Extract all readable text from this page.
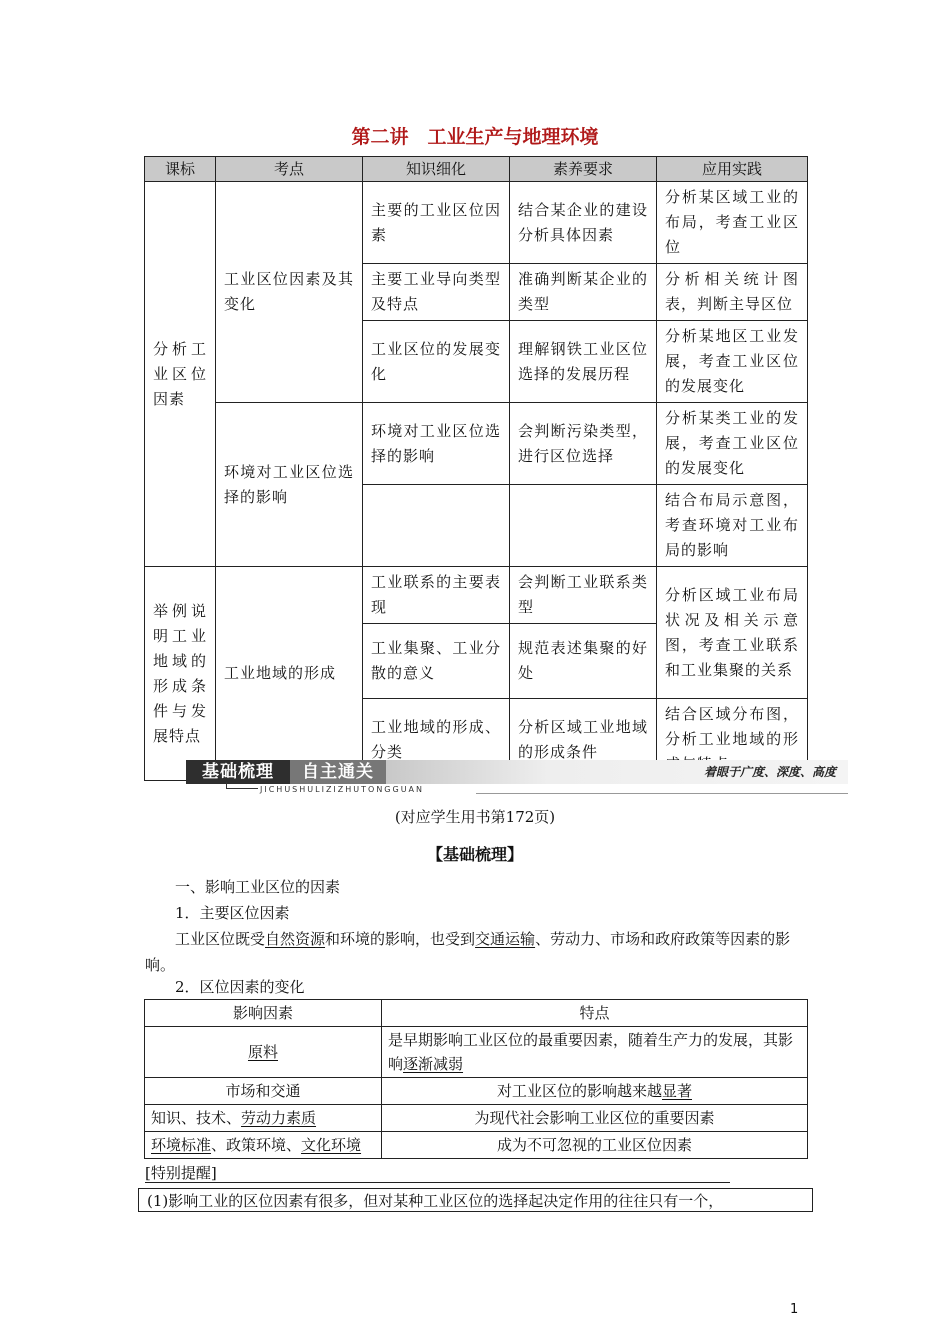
第二讲　工业生产与地理环境
课标	考点	知识细化	素养要求	应用实践
分析工业区位因素	工业区位因素及其变化	主要的工业区位因素	结合某企业的建设分析具体因素	分析某区域工业的布局，考查工业区位
		主要工业导向类型及特点	准确判断某企业的类型	分析相关统计图表，判断主导区位
		工业区位的发展变化	理解钢铁工业区位选择的发展历程	分析某地区工业发展，考查工业区位的发展变化
	环境对工业区位选择的影响	环境对工业区位选择的影响	会判断污染类型，进行区位选择	分析某类工业的发展，考查工业区位的发展变化
				结合布局示意图，考查环境对工业布局的影响
举例说明工业地域的形成条件与发展特点	工业地域的形成	工业联系的主要表现	会判断工业联系类型	分析区域工业布局状况及相关示意图，考查工业联系和工业集聚的关系
		工业集聚、工业分散的意义	规范表述集聚的好处	
		工业地域的形成、分类	分析区域工业地域的形成条件	结合区域分布图，分析工业地域的形
基础梳理	自主通关	着眼于广度、深度、高度
JICHUSHULIZIZHUTONGGUAN
(对应学生用书第172页)
【基础梳理】
一、影响工业区位的因素
1．主要区位因素
工业区位既受自然资源和环境的影响，也受到交通运输、劳动力、市场和政府政策等因素的影响。
2．区位因素的变化
影响因素	特点
原料	是早期影响工业区位的最重要因素，随着生产力的发展，其影响逐渐减弱
市场和交通	对工业区位的影响越来越显著
知识、技术、劳动力素质	为现代社会影响工业区位的重要因素
环境标准、政策环境、文化环境	成为不可忽视的工业区位因素
[特别提醒]
(1)影响工业的区位因素有很多，但对某种工业区位的选择起决定作用的往往只有一个，
1
